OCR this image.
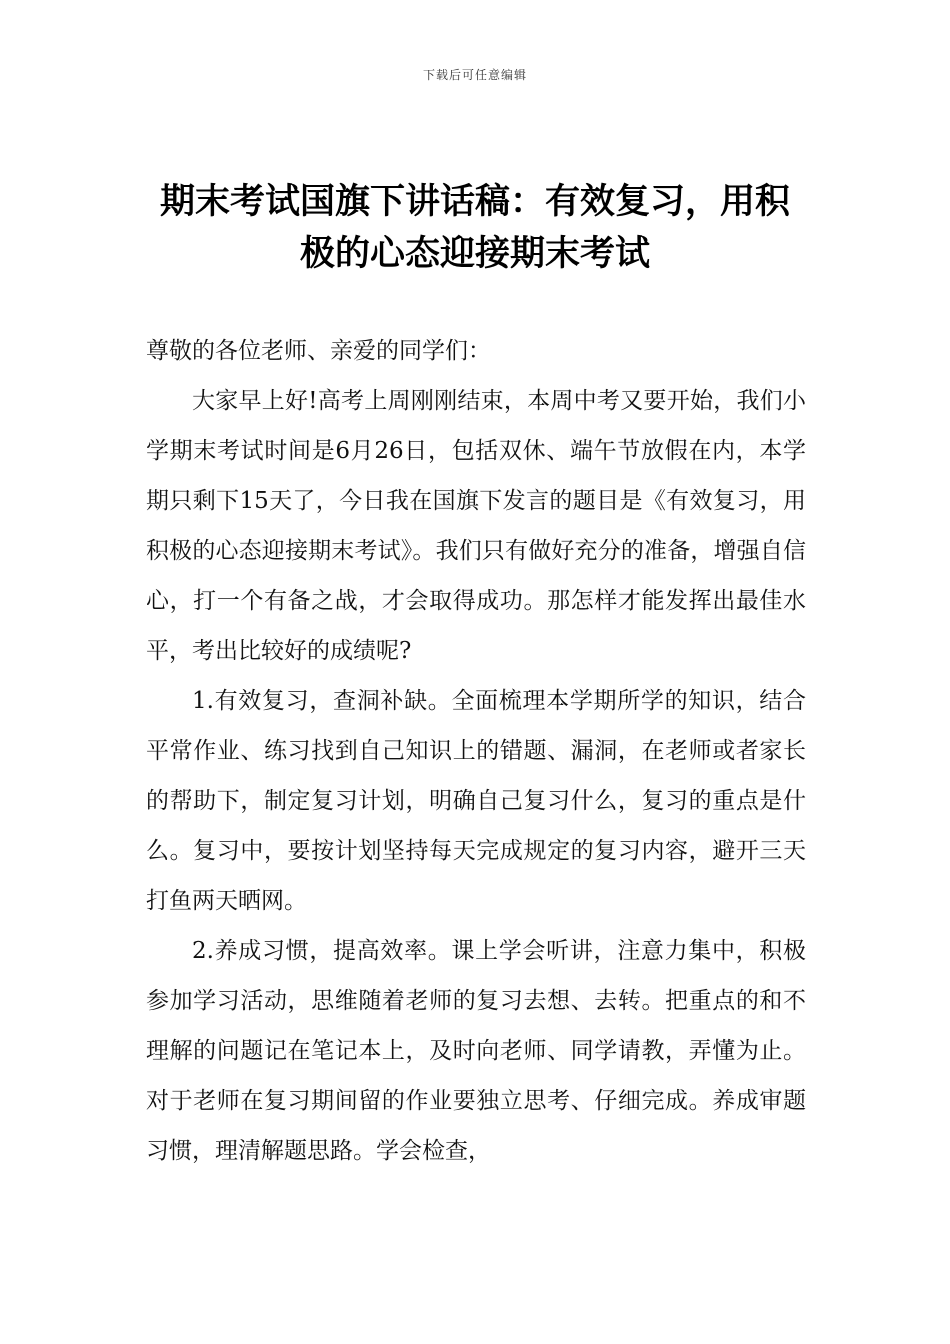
下载后可任意编辑
期末考试国旗下讲话稿：有效复习，用积
极的心态迎接期末考试

尊敬的各位老师、亲爱的同学们：

大家早上好!高考上周刚刚结束，本周中考又要开始，我们小学期末考试时间是6月26日，包括双休、端午节放假在内，本学期只剩下15天了，今日我在国旗下发言的题目是《有效复习，用积极的心态迎接期末考试》。我们只有做好充分的准备，增强自信心，打一个有备之战，才会取得成功。那怎样才能发挥出最佳水平，考出比较好的成绩呢?

1.有效复习，查洞补缺。全面梳理本学期所学的知识，结合平常作业、练习找到自己知识上的错题、漏洞，在老师或者家长的帮助下，制定复习计划，明确自己复习什么，复习的重点是什么。复习中，要按计划坚持每天完成规定的复习内容，避开三天打鱼两天晒网。

2.养成习惯，提高效率。课上学会听讲，注意力集中，积极参加学习活动，思维随着老师的复习去想、去转。把重点的和不理解的问题记在笔记本上，及时向老师、同学请教，弄懂为止。对于老师在复习期间留的作业要独立思考、仔细完成。养成审题习惯，理清解题思路。学会检查，
